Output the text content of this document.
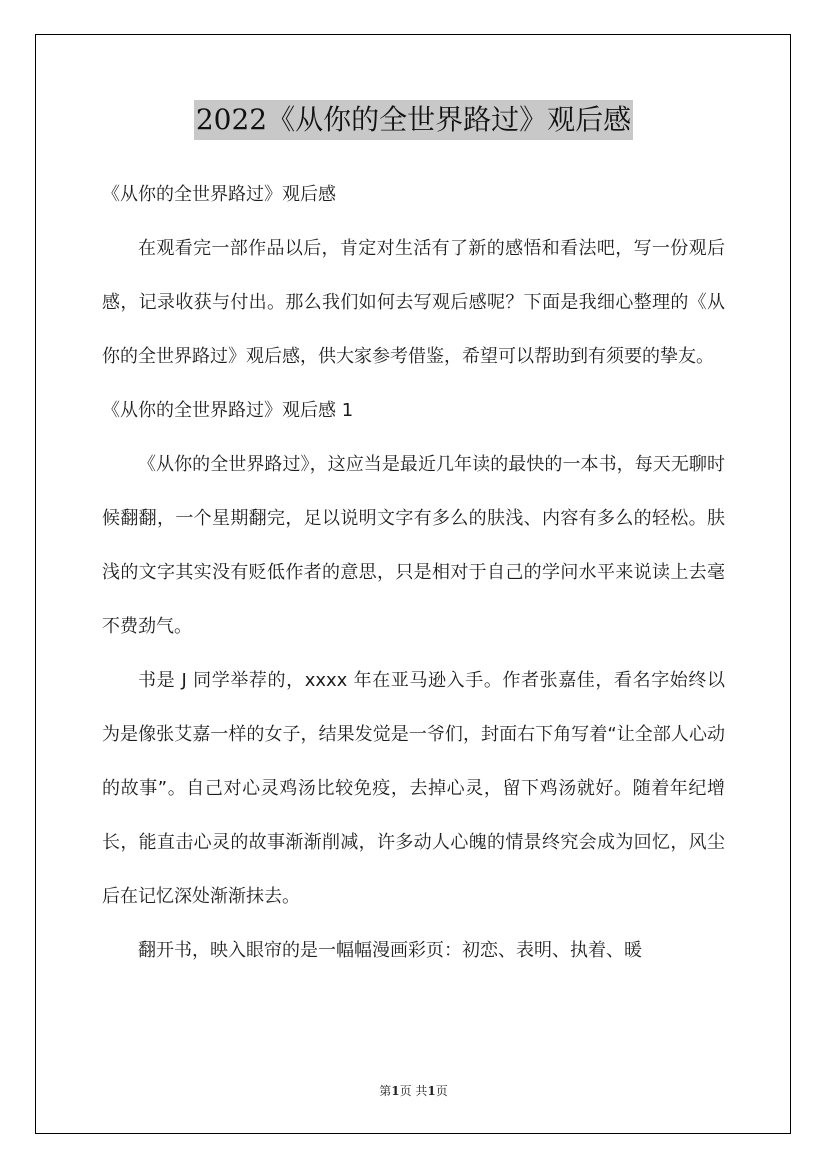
2022《从你的全世界路过》观后感

《从你的全世界路过》观后感

在观看完一部作品以后，肯定对生活有了新的感悟和看法吧，写一份观后感，记录收获与付出。那么我们如何去写观后感呢？下面是我细心整理的《从你的全世界路过》观后感，供大家参考借鉴，希望可以帮助到有须要的挚友。

《从你的全世界路过》观后感 1

《从你的全世界路过》，这应当是最近几年读的最快的一本书，每天无聊时候翻翻，一个星期翻完，足以说明文字有多么的肤浅、内容有多么的轻松。肤浅的文字其实没有贬低作者的意思，只是相对于自己的学问水平来说读上去毫不费劲气。

书是 J 同学举荐的，xxxx 年在亚马逊入手。作者张嘉佳，看名字始终以为是像张艾嘉一样的女子，结果发觉是一爷们，封面右下角写着“让全部人心动的故事”。自己对心灵鸡汤比较免疫，去掉心灵，留下鸡汤就好。随着年纪增长，能直击心灵的故事渐渐削减，许多动人心魄的情景终究会成为回忆，风尘后在记忆深处渐渐抹去。

翻开书，映入眼帘的是一幅幅漫画彩页：初恋、表明、执着、暖

第1页 共1页
